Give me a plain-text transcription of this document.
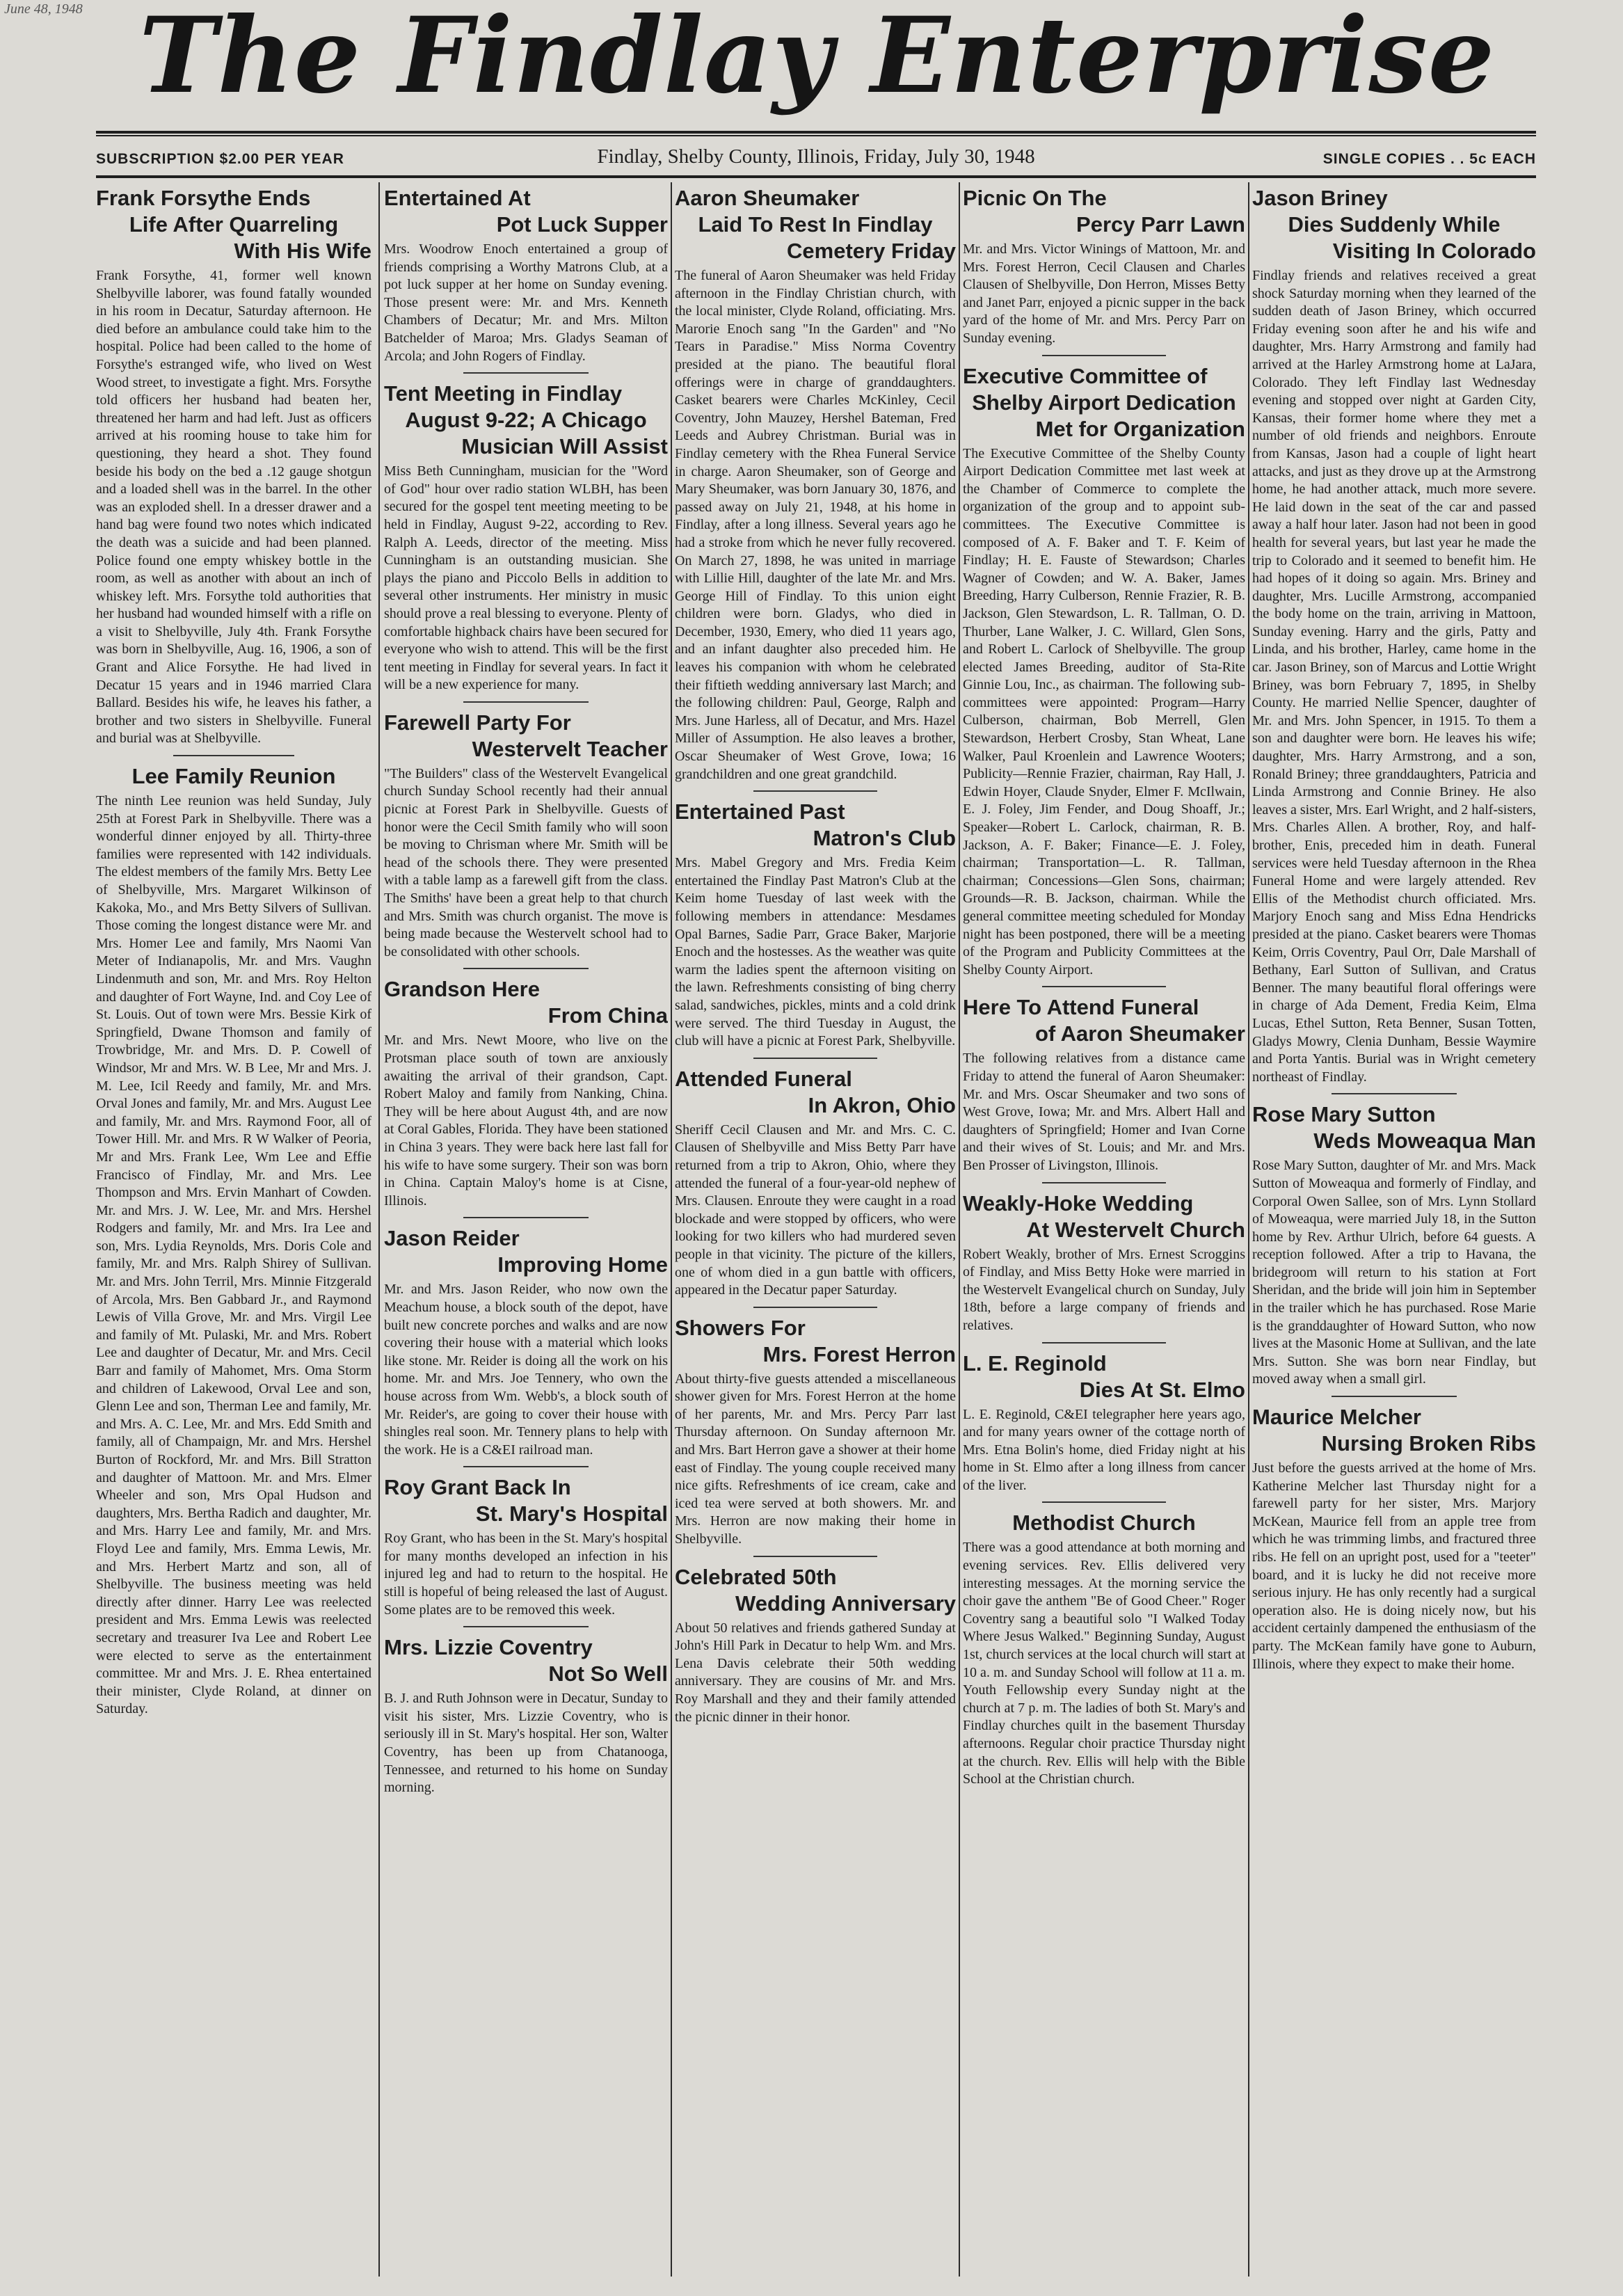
June 48, 1948 The Findlay Enterprise
SUBSCRIPTION $2.00 PER YEAR	Findlay, Shelby County, Illinois, Friday, July 30, 1948	SINGLE COPIES . . 5c EACH
Frank Forsythe Ends
Life After Quarreling
With His Wife

Frank Forsythe, 41, former well known Shelbyville laborer, was found fatally wounded in his room in Decatur, Saturday afternoon. He died before an ambulance could take him to the hospital. Police had been called to the home of Forsythe's estranged wife, who lived on West Wood street, to investigate a fight. Mrs. Forsythe told officers her husband had beaten her, threatened her harm and had left. Just as officers arrived at his rooming house to take him for questioning, they heard a shot. They found beside his body on the bed a .12 gauge shotgun and a loaded shell was in the barrel. In the other was an exploded shell. In a dresser drawer and a hand bag were found two notes which indicated the death was a suicide and had been planned. Police found one empty whiskey bottle in the room, as well as another with about an inch of whiskey left. Mrs. Forsythe told authorities that her husband had wounded himself with a rifle on a visit to Shelbyville, July 4th. Frank Forsythe was born in Shelbyville, Aug. 16, 1906, a son of Grant and Alice Forsythe. He had lived in Decatur 15 years and in 1946 married Clara Ballard. Besides his wife, he leaves his father, a brother and two sisters in Shelbyville. Funeral and burial was at Shelbyville.

Lee Family Reunion

The ninth Lee reunion was held Sunday, July 25th at Forest Park in Shelbyville. There was a wonderful dinner enjoyed by all. Thirty-three families were represented with 142 individuals. The eldest members of the family Mrs. Betty Lee of Shelbyville, Mrs. Margaret Wilkinson of Kakoka, Mo., and Mrs Betty Silvers of Sullivan. Those coming the longest distance were Mr. and Mrs. Homer Lee and family, Mrs Naomi Van Meter of Indianapolis, Mr. and Mrs. Vaughn Lindenmuth and son, Mr. and Mrs. Roy Helton and daughter of Fort Wayne, Ind. and Coy Lee of St. Louis. Out of town were Mrs. Bessie Kirk of Springfield, Dwane Thomson and family of Trowbridge, Mr. and Mrs. D. P. Cowell of Windsor, Mr and Mrs. W. B Lee, Mr and Mrs. J. M. Lee, Icil Reedy and family, Mr. and Mrs. Orval Jones and family, Mr. and Mrs. August Lee and family, Mr. and Mrs. Raymond Foor, all of Tower Hill. Mr. and Mrs. R W Walker of Peoria, Mr and Mrs. Frank Lee, Wm Lee and Effie Francisco of Findlay, Mr. and Mrs. Lee Thompson and Mrs. Ervin Manhart of Cowden. Mr. and Mrs. J. W. Lee, Mr. and Mrs. Hershel Rodgers and family, Mr. and Mrs. Ira Lee and son, Mrs. Lydia Reynolds, Mrs. Doris Cole and family, Mr. and Mrs. Ralph Shirey of Sullivan. Mr. and Mrs. John Terril, Mrs. Minnie Fitzgerald of Arcola, Mrs. Ben Gabbard Jr., and Raymond Lewis of Villa Grove, Mr. and Mrs. Virgil Lee and family of Mt. Pulaski, Mr. and Mrs. Robert Lee and daughter of Decatur, Mr. and Mrs. Cecil Barr and family of Mahomet, Mrs. Oma Storm and children of Lakewood, Orval Lee and son, Glenn Lee and son, Therman Lee and family, Mr. and Mrs. A. C. Lee, Mr. and Mrs. Edd Smith and family, all of Champaign, Mr. and Mrs. Hershel Burton of Rockford, Mr. and Mrs. Bill Stratton and daughter of Mattoon. Mr. and Mrs. Elmer Wheeler and son, Mrs Opal Hudson and daughters, Mrs. Bertha Radich and daughter, Mr. and Mrs. Harry Lee and family, Mr. and Mrs. Floyd Lee and family, Mrs. Emma Lewis, Mr. and Mrs. Herbert Martz and son, all of Shelbyville. The business meeting was held directly after dinner. Harry Lee was reelected president and Mrs. Emma Lewis was reelected secretary and treasurer Iva Lee and Robert Lee were elected to serve as the entertainment committee. Mr and Mrs. J. E. Rhea entertained their minister, Clyde Roland, at dinner on Saturday.

Entertained At
Pot Luck Supper

Mrs. Woodrow Enoch entertained a group of friends comprising a Worthy Matrons Club, at a pot luck supper at her home on Sunday evening. Those present were: Mr. and Mrs. Kenneth Chambers of Decatur; Mr. and Mrs. Milton Batchelder of Maroa; Mrs. Gladys Seaman of Arcola; and John Rogers of Findlay.

Tent Meeting in Findlay
August 9-22; A Chicago
Musician Will Assist

Miss Beth Cunningham, musician for the "Word of God" hour over radio station WLBH, has been secured for the gospel tent meeting meeting to be held in Findlay, August 9-22, according to Rev. Ralph A. Leeds, director of the meeting. Miss Cunningham is an outstanding musician. She plays the piano and Piccolo Bells in addition to several other instruments. Her ministry in music should prove a real blessing to everyone. Plenty of comfortable highback chairs have been secured for everyone who wish to attend. This will be the first tent meeting in Findlay for several years. In fact it will be a new experience for many.

Farewell Party For
Westervelt Teacher

"The Builders" class of the Westervelt Evangelical church Sunday School recently had their annual picnic at Forest Park in Shelbyville. Guests of honor were the Cecil Smith family who will soon be moving to Chrisman where Mr. Smith will be head of the schools there. They were presented with a table lamp as a farewell gift from the class. The Smiths' have been a great help to that church and Mrs. Smith was church organist. The move is being made because the Westervelt school had to be consolidated with other schools.

Grandson Here
From China

Mr. and Mrs. Newt Moore, who live on the Protsman place south of town are anxiously awaiting the arrival of their grandson, Capt. Robert Maloy and family from Nanking, China. They will be here about August 4th, and are now at Coral Gables, Florida. They have been stationed in China 3 years. They were back here last fall for his wife to have some surgery. Their son was born in China. Captain Maloy's home is at Cisne, Illinois.

Jason Reider
Improving Home

Mr. and Mrs. Jason Reider, who now own the Meachum house, a block south of the depot, have built new concrete porches and walks and are now covering their house with a material which looks like stone. Mr. Reider is doing all the work on his home. Mr. and Mrs. Joe Tennery, who own the house across from Wm. Webb's, a block south of Mr. Reider's, are going to cover their house with shingles real soon. Mr. Tennery plans to help with the work. He is a C&EI railroad man.

Roy Grant Back In
St. Mary's Hospital

Roy Grant, who has been in the St. Mary's hospital for many months developed an infection in his injured leg and had to return to the hospital. He still is hopeful of being released the last of August. Some plates are to be removed this week.

Mrs. Lizzie Coventry
Not So Well

B. J. and Ruth Johnson were in Decatur, Sunday to visit his sister, Mrs. Lizzie Coventry, who is seriously ill in St. Mary's hospital. Her son, Walter Coventry, has been up from Chatanooga, Tennessee, and returned to his home on Sunday morning.

Aaron Sheumaker
Laid To Rest In Findlay
Cemetery Friday

The funeral of Aaron Sheumaker was held Friday afternoon in the Findlay Christian church, with the local minister, Clyde Roland, officiating. Mrs. Marorie Enoch sang "In the Garden" and "No Tears in Paradise." Miss Norma Coventry presided at the piano. The beautiful floral offerings were in charge of granddaughters. Casket bearers were Charles McKinley, Cecil Coventry, John Mauzey, Hershel Bateman, Fred Leeds and Aubrey Christman. Burial was in Findlay cemetery with the Rhea Funeral Service in charge. Aaron Sheumaker, son of George and Mary Sheumaker, was born January 30, 1876, and passed away on July 21, 1948, at his home in Findlay, after a long illness. Several years ago he had a stroke from which he never fully recovered. On March 27, 1898, he was united in marriage with Lillie Hill, daughter of the late Mr. and Mrs. George Hill of Findlay. To this union eight children were born. Gladys, who died in December, 1930, Emery, who died 11 years ago, and an infant daughter also preceded him. He leaves his companion with whom he celebrated their fiftieth wedding anniversary last March; and the following children: Paul, George, Ralph and Mrs. June Harless, all of Decatur, and Mrs. Hazel Miller of Assumption. He also leaves a brother, Oscar Sheumaker of West Grove, Iowa; 16 grandchildren and one great grandchild.

Entertained Past
Matron's Club

Mrs. Mabel Gregory and Mrs. Fredia Keim entertained the Findlay Past Matron's Club at the Keim home Tuesday of last week with the following members in attendance: Mesdames Opal Barnes, Sadie Parr, Grace Baker, Marjorie Enoch and the hostesses. As the weather was quite warm the ladies spent the afternoon visiting on the lawn. Refreshments consisting of bing cherry salad, sandwiches, pickles, mints and a cold drink were served. The third Tuesday in August, the club will have a picnic at Forest Park, Shelbyville.

Attended Funeral
In Akron, Ohio

Sheriff Cecil Clausen and Mr. and Mrs. C. C. Clausen of Shelbyville and Miss Betty Parr have returned from a trip to Akron, Ohio, where they attended the funeral of a four-year-old nephew of Mrs. Clausen. Enroute they were caught in a road blockade and were stopped by officers, who were looking for two killers who had murdered seven people in that vicinity. The picture of the killers, one of whom died in a gun battle with officers, appeared in the Decatur paper Saturday.

Showers For
Mrs. Forest Herron

About thirty-five guests attended a miscellaneous shower given for Mrs. Forest Herron at the home of her parents, Mr. and Mrs. Percy Parr last Thursday afternoon. On Sunday afternoon Mr. and Mrs. Bart Herron gave a shower at their home east of Findlay. The young couple received many nice gifts. Refreshments of ice cream, cake and iced tea were served at both showers. Mr. and Mrs. Herron are now making their home in Shelbyville.

Celebrated 50th
Wedding Anniversary

About 50 relatives and friends gathered Sunday at John's Hill Park in Decatur to help Wm. and Mrs. Lena Davis celebrate their 50th wedding anniversary. They are cousins of Mr. and Mrs. Roy Marshall and they and their family attended the picnic dinner in their honor.

Picnic On The
Percy Parr Lawn

Mr. and Mrs. Victor Winings of Mattoon, Mr. and Mrs. Forest Herron, Cecil Clausen and Charles Clausen of Shelbyville, Don Herron, Misses Betty and Janet Parr, enjoyed a picnic supper in the back yard of the home of Mr. and Mrs. Percy Parr on Sunday evening.

Executive Committee of
Shelby Airport Dedication
Met for Organization

The Executive Committee of the Shelby County Airport Dedication Committee met last week at the Chamber of Commerce to complete the organization of the group and to appoint sub-committees. The Executive Committee is composed of A. F. Baker and T. F. Keim of Findlay; H. E. Fauste of Stewardson; Charles Wagner of Cowden; and W. A. Baker, James Breeding, Harry Culberson, Rennie Frazier, R. B. Jackson, Glen Stewardson, L. R. Tallman, O. D. Thurber, Lane Walker, J. C. Willard, Glen Sons, and Robert L. Carlock of Shelbyville. The group elected James Breeding, auditor of Sta-Rite Ginnie Lou, Inc., as chairman. The following sub-committees were appointed: Program—Harry Culberson, chairman, Bob Merrell, Glen Stewardson, Herbert Crosby, Stan Wheat, Lane Walker, Paul Kroenlein and Lawrence Wooters; Publicity—Rennie Frazier, chairman, Ray Hall, J. Edwin Hoyer, Claude Snyder, Elmer F. McIlwain, E. J. Foley, Jim Fender, and Doug Shoaff, Jr.; Speaker—Robert L. Carlock, chairman, R. B. Jackson, A. F. Baker; Finance—E. J. Foley, chairman; Transportation—L. R. Tallman, chairman; Concessions—Glen Sons, chairman; Grounds—R. B. Jackson, chairman. While the general committee meeting scheduled for Monday night has been postponed, there will be a meeting of the Program and Publicity Committees at the Shelby County Airport.

Here To Attend Funeral
of Aaron Sheumaker

The following relatives from a distance came Friday to attend the funeral of Aaron Sheumaker: Mr. and Mrs. Oscar Sheumaker and two sons of West Grove, Iowa; Mr. and Mrs. Albert Hall and daughters of Springfield; Homer and Ivan Corne and their wives of St. Louis; and Mr. and Mrs. Ben Prosser of Livingston, Illinois.

Weakly-Hoke Wedding
At Westervelt Church

Robert Weakly, brother of Mrs. Ernest Scroggins of Findlay, and Miss Betty Hoke were married in the Westervelt Evangelical church on Sunday, July 18th, before a large company of friends and relatives.

L. E. Reginold
Dies At St. Elmo

L. E. Reginold, C&EI telegrapher here years ago, and for many years owner of the cottage north of Mrs. Etna Bolin's home, died Friday night at his home in St. Elmo after a long illness from cancer of the liver.

Methodist Church

There was a good attendance at both morning and evening services. Rev. Ellis delivered very interesting messages. At the morning service the choir gave the anthem "Be of Good Cheer." Roger Coventry sang a beautiful solo "I Walked Today Where Jesus Walked." Beginning Sunday, August 1st, church services at the local church will start at 10 a. m. and Sunday School will follow at 11 a. m. Youth Fellowship every Sunday night at the church at 7 p. m. The ladies of both St. Mary's and Findlay churches quilt in the basement Thursday afternoons. Regular choir practice Thursday night at the church. Rev. Ellis will help with the Bible School at the Christian church.

Jason Briney
Dies Suddenly While
Visiting In Colorado

Findlay friends and relatives received a great shock Saturday morning when they learned of the sudden death of Jason Briney, which occurred Friday evening soon after he and his wife and daughter, Mrs. Harry Armstrong and family had arrived at the Harley Armstrong home at LaJara, Colorado. They left Findlay last Wednesday evening and stopped over night at Garden City, Kansas, their former home where they met a number of old friends and neighbors. Enroute from Kansas, Jason had a couple of light heart attacks, and just as they drove up at the Armstrong home, he had another attack, much more severe. He laid down in the seat of the car and passed away a half hour later. Jason had not been in good health for several years, but last year he made the trip to Colorado and it seemed to benefit him. He had hopes of it doing so again. Mrs. Briney and daughter, Mrs. Lucille Armstrong, accompanied the body home on the train, arriving in Mattoon, Sunday evening. Harry and the girls, Patty and Linda, and his brother, Harley, came home in the car. Jason Briney, son of Marcus and Lottie Wright Briney, was born February 7, 1895, in Shelby County. He married Nellie Spencer, daughter of Mr. and Mrs. John Spencer, in 1915. To them a son and daughter were born. He leaves his wife; daughter, Mrs. Harry Armstrong, and a son, Ronald Briney; three granddaughters, Patricia and Linda Armstrong and Connie Briney. He also leaves a sister, Mrs. Earl Wright, and 2 half-sisters, Mrs. Charles Allen. A brother, Roy, and half-brother, Enis, preceded him in death. Funeral services were held Tuesday afternoon in the Rhea Funeral Home and were largely attended. Rev Ellis of the Methodist church officiated. Mrs. Marjory Enoch sang and Miss Edna Hendricks presided at the piano. Casket bearers were Thomas Keim, Orris Coventry, Paul Orr, Dale Marshall of Bethany, Earl Sutton of Sullivan, and Cratus Benner. The many beautiful floral offerings were in charge of Ada Dement, Fredia Keim, Elma Lucas, Ethel Sutton, Reta Benner, Susan Totten, Gladys Mowry, Clenia Dunham, Bessie Waymire and Porta Yantis. Burial was in Wright cemetery northeast of Findlay.

Rose Mary Sutton
Weds Moweaqua Man

Rose Mary Sutton, daughter of Mr. and Mrs. Mack Sutton of Moweaqua and formerly of Findlay, and Corporal Owen Sallee, son of Mrs. Lynn Stollard of Moweaqua, were married July 18, in the Sutton home by Rev. Arthur Ulrich, before 64 guests. A reception followed. After a trip to Havana, the bridegroom will return to his station at Fort Sheridan, and the bride will join him in September in the trailer which he has purchased. Rose Marie is the granddaughter of Howard Sutton, who now lives at the Masonic Home at Sullivan, and the late Mrs. Sutton. She was born near Findlay, but moved away when a small girl.

Maurice Melcher
Nursing Broken Ribs

Just before the guests arrived at the home of Mrs. Katherine Melcher last Thursday night for a farewell party for her sister, Mrs. Marjory McKean, Maurice fell from an apple tree from which he was trimming limbs, and fractured three ribs. He fell on an upright post, used for a "teeter" board, and it is lucky he did not receive more serious injury. He has only recently had a surgical operation also. He is doing nicely now, but his accident certainly dampened the enthusiasm of the party. The McKean family have gone to Auburn, Illinois, where they expect to make their home.
